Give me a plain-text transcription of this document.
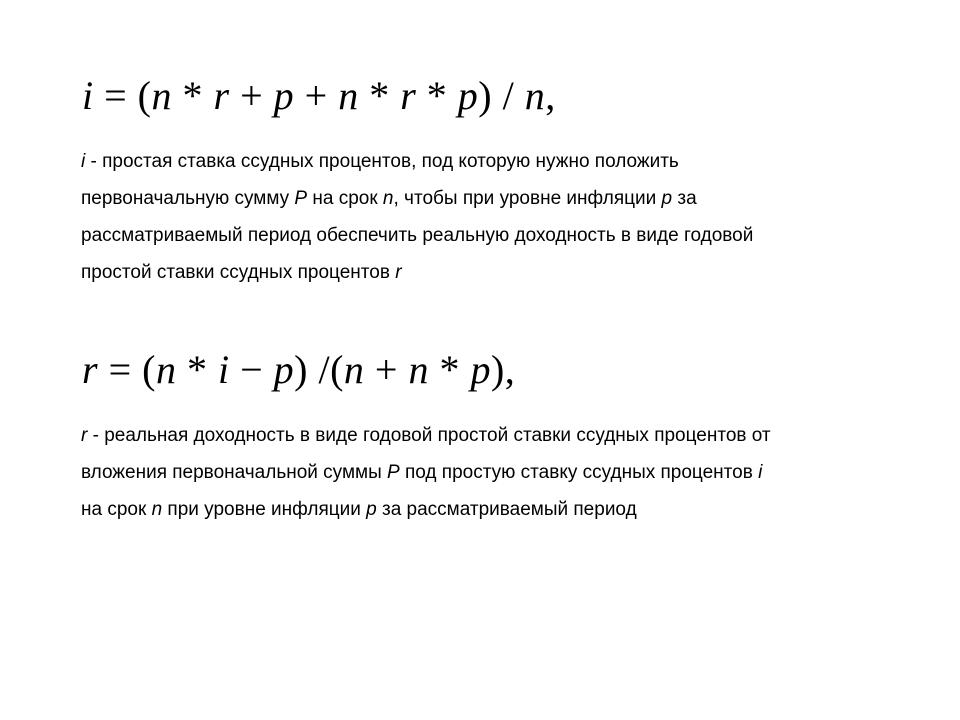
i = (n * r + p + n * r * p) / n,

i - простая ставка ссудных процентов, под которую нужно положить
первоначальную сумму P на срок n, чтобы при уровне инфляции p за
рассматриваемый период обеспечить реальную доходность в виде годовой
простой ставки ссудных процентов r

r = (n * i − p) /(n + n * p),

r - реальная доходность в виде годовой простой ставки ссудных процентов от
вложения первоначальной суммы P под простую ставку ссудных процентов i
на срок n при уровне инфляции p за рассматриваемый период
